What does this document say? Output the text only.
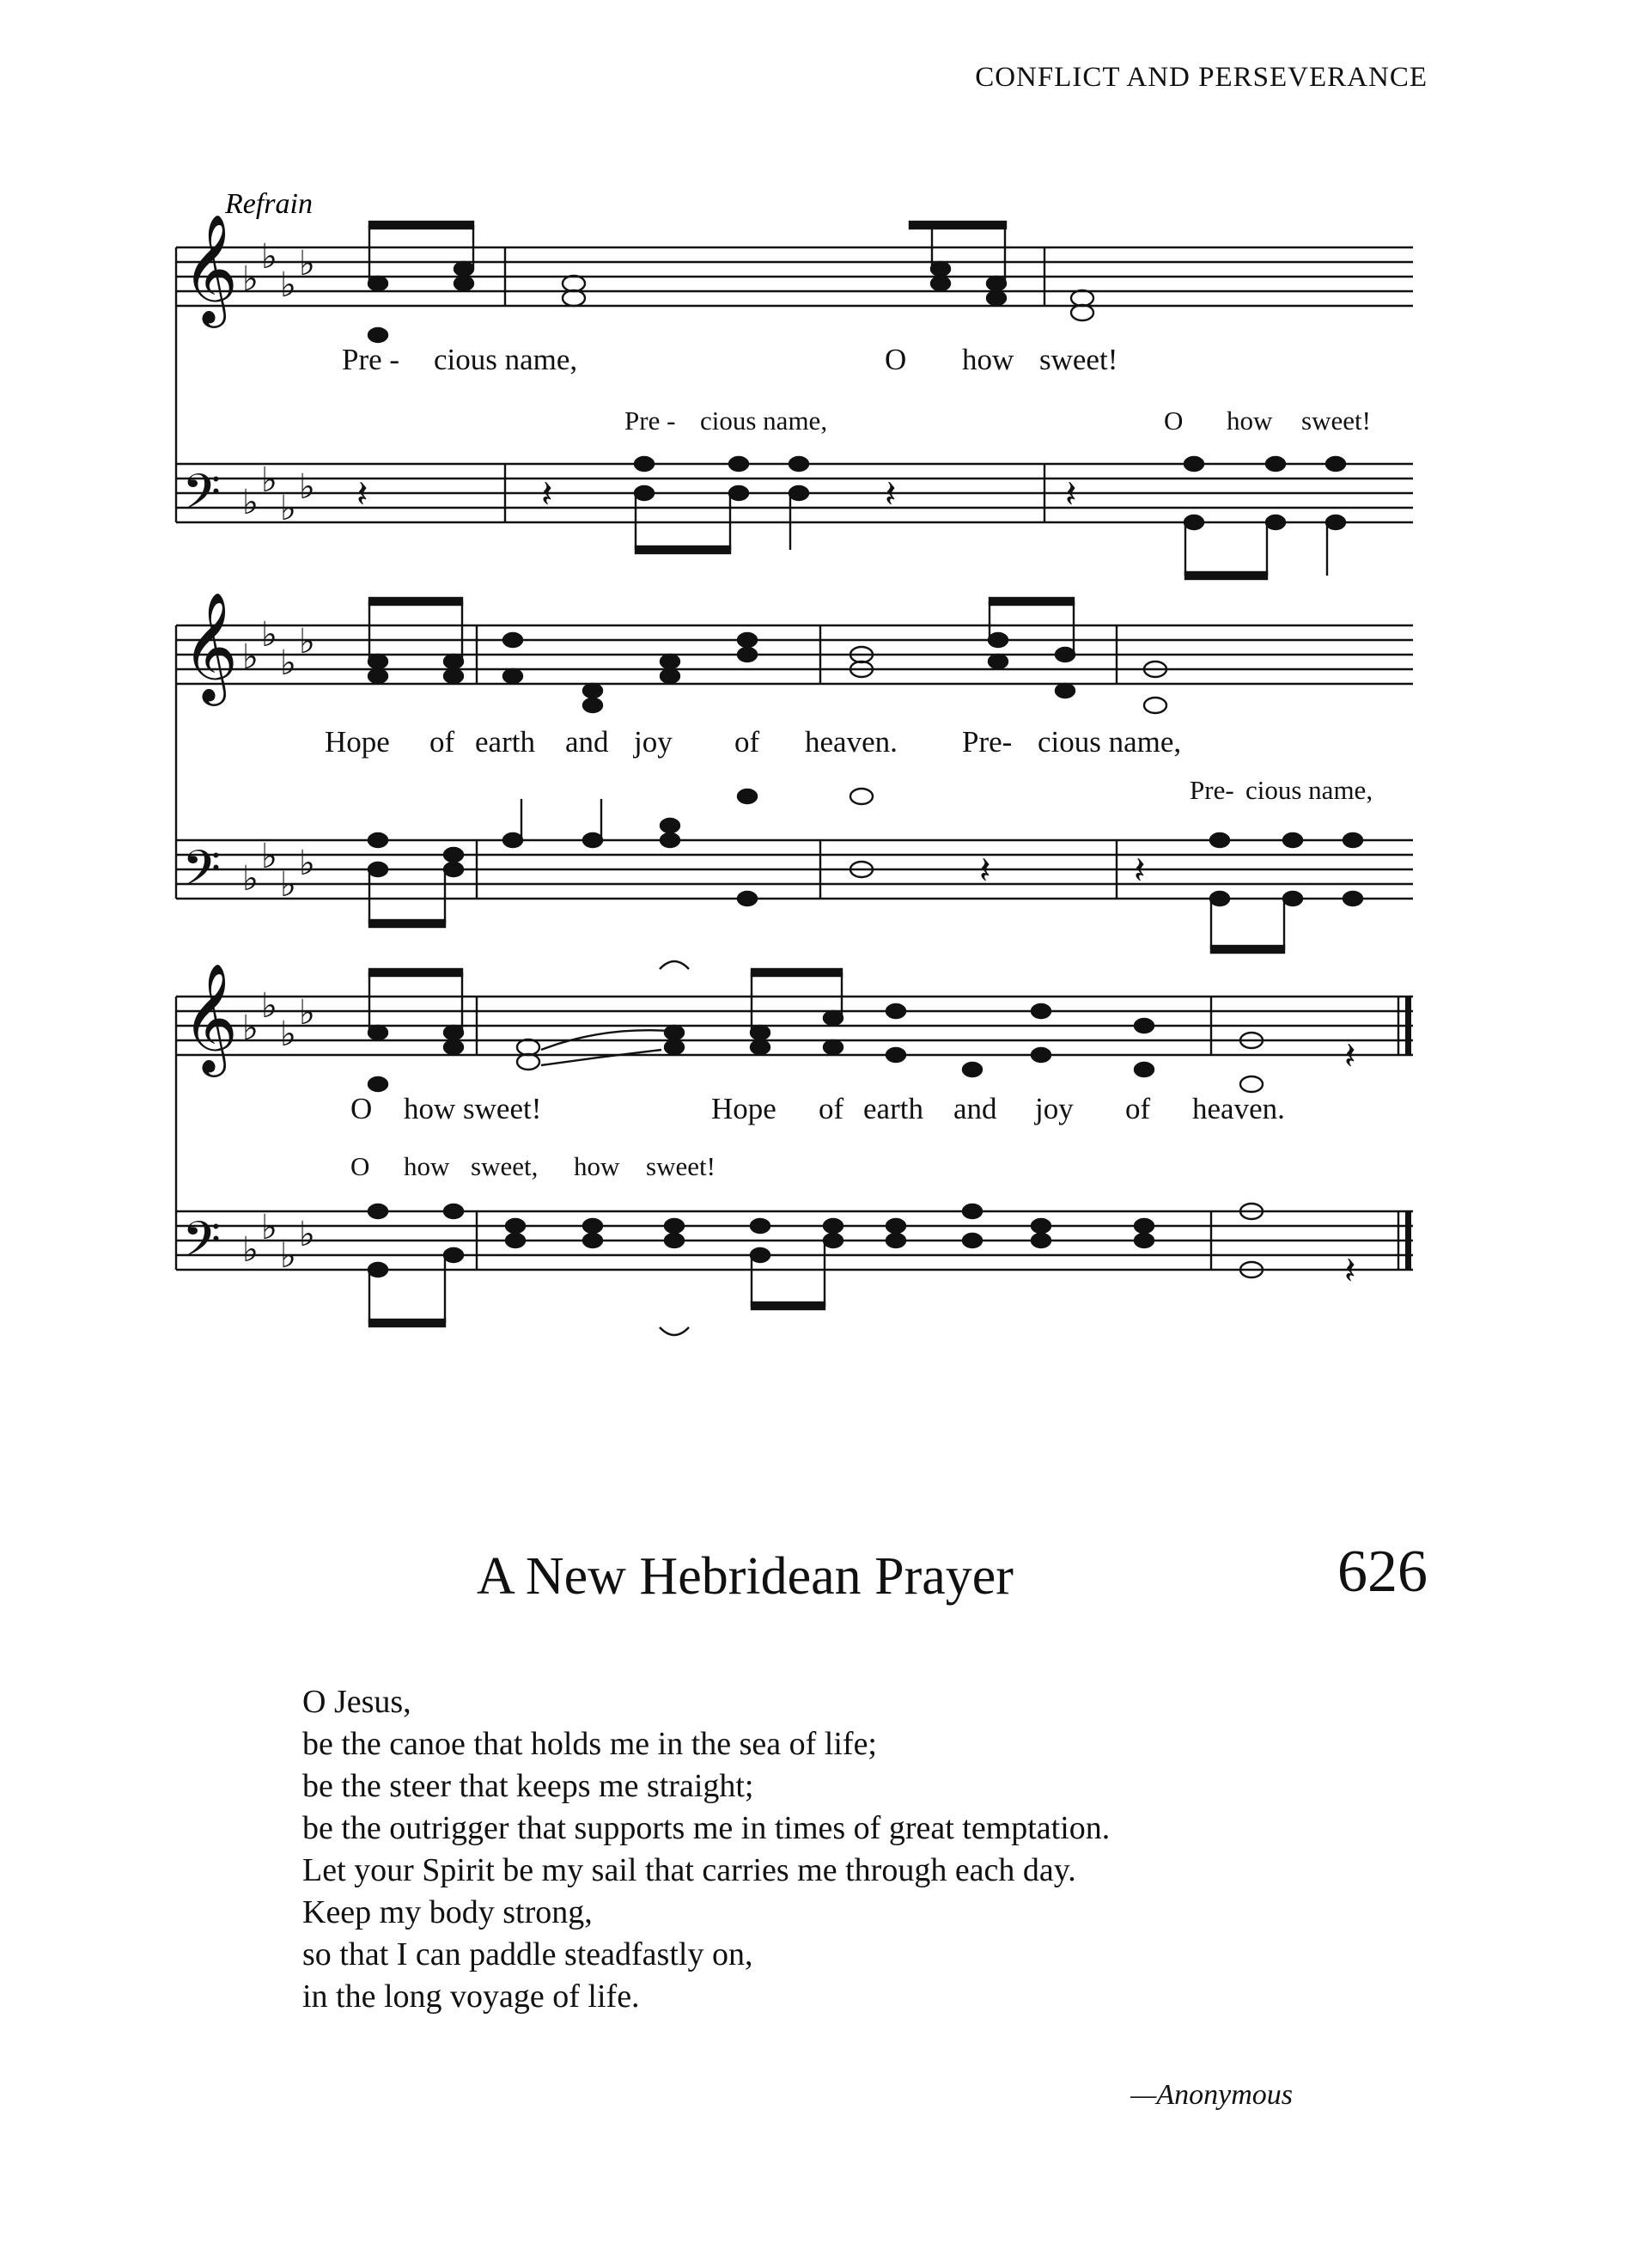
CONFLICT AND PERSEVERANCE
𝄞
𝄢
𝄞
𝄢
𝄞
𝄢
♭
♭
♭
♭
♭
♭
♭
♭
♭
♭
♭
♭
♭
♭
♭
♭
♭
♭
♭
♭
♭
♭
♭
♭
𝄽	𝄽	𝄽	𝄽
𝄽	𝄽
𝄽
𝄽
Refrain
Pre - cious name,	O how sweet!
Pre - cious name,	O how sweet!
Hope of earth and joy of heaven. Pre- cious name,
Pre- cious name,
O how sweet!	Hope of earth and joy of heaven.
O how sweet, how sweet!
A New Hebridean Prayer	626
O Jesus,
be the canoe that holds me in the sea of life;
be the steer that keeps me straight;
be the outrigger that supports me in times of great temptation.
Let your Spirit be my sail that carries me through each day.
Keep my body strong,
so that I can paddle steadfastly on,
in the long voyage of life.
—Anonymous
